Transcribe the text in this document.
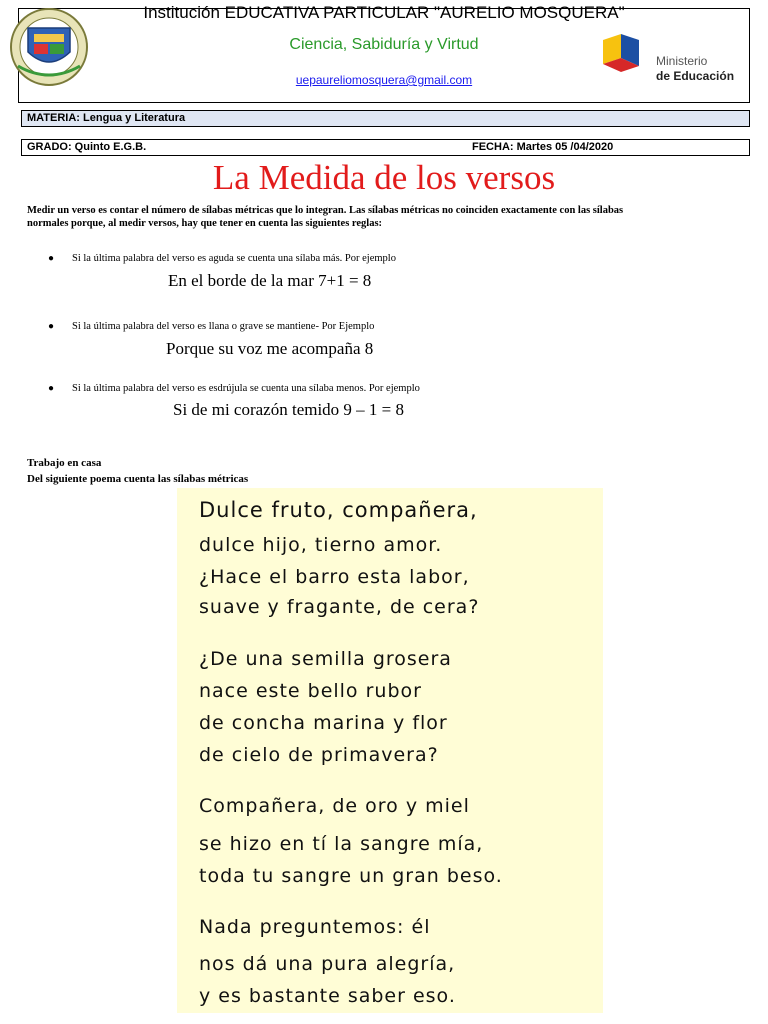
Institución EDUCATIVA PARTICULAR "AURELIO MOSQUERA"
Ciencia, Sabiduría y Virtud
uepaureliomosquera@gmail.com
Ministerio
de Educación
MATERIA: Lengua y Literatura
GRADO: Quinto E.G.B.	FECHA: Martes 05 /04/2020
La Medida de los versos
Medir un verso es contar el número de sílabas métricas que lo integran. Las sílabas métricas no coinciden exactamente con las sílabas
normales porque, al medir versos, hay que tener en cuenta las siguientes reglas:
● Si la última palabra del verso es aguda se cuenta una sílaba más. Por ejemplo
En el borde de la mar 7+1 = 8
● Si la última palabra del verso es llana o grave se mantiene- Por Ejemplo
Porque su voz me acompaña 8
● Si la última palabra del verso es esdrújula se cuenta una sílaba menos. Por ejemplo
Si de mi corazón temido 9 – 1 = 8
Trabajo en casa
Del siguiente poema cuenta las sílabas métricas
Dulce fruto, compañera,
dulce hijo, tierno amor.
¿Hace el barro esta labor,
suave y fragante, de cera?
¿De una semilla grosera
nace este bello rubor
de concha marina y flor
de cielo de primavera?
Compañera, de oro y miel
se hizo en tí la sangre mía,
toda tu sangre un gran beso.
Nada preguntemos: él
nos dá una pura alegría,
y es bastante saber eso.
